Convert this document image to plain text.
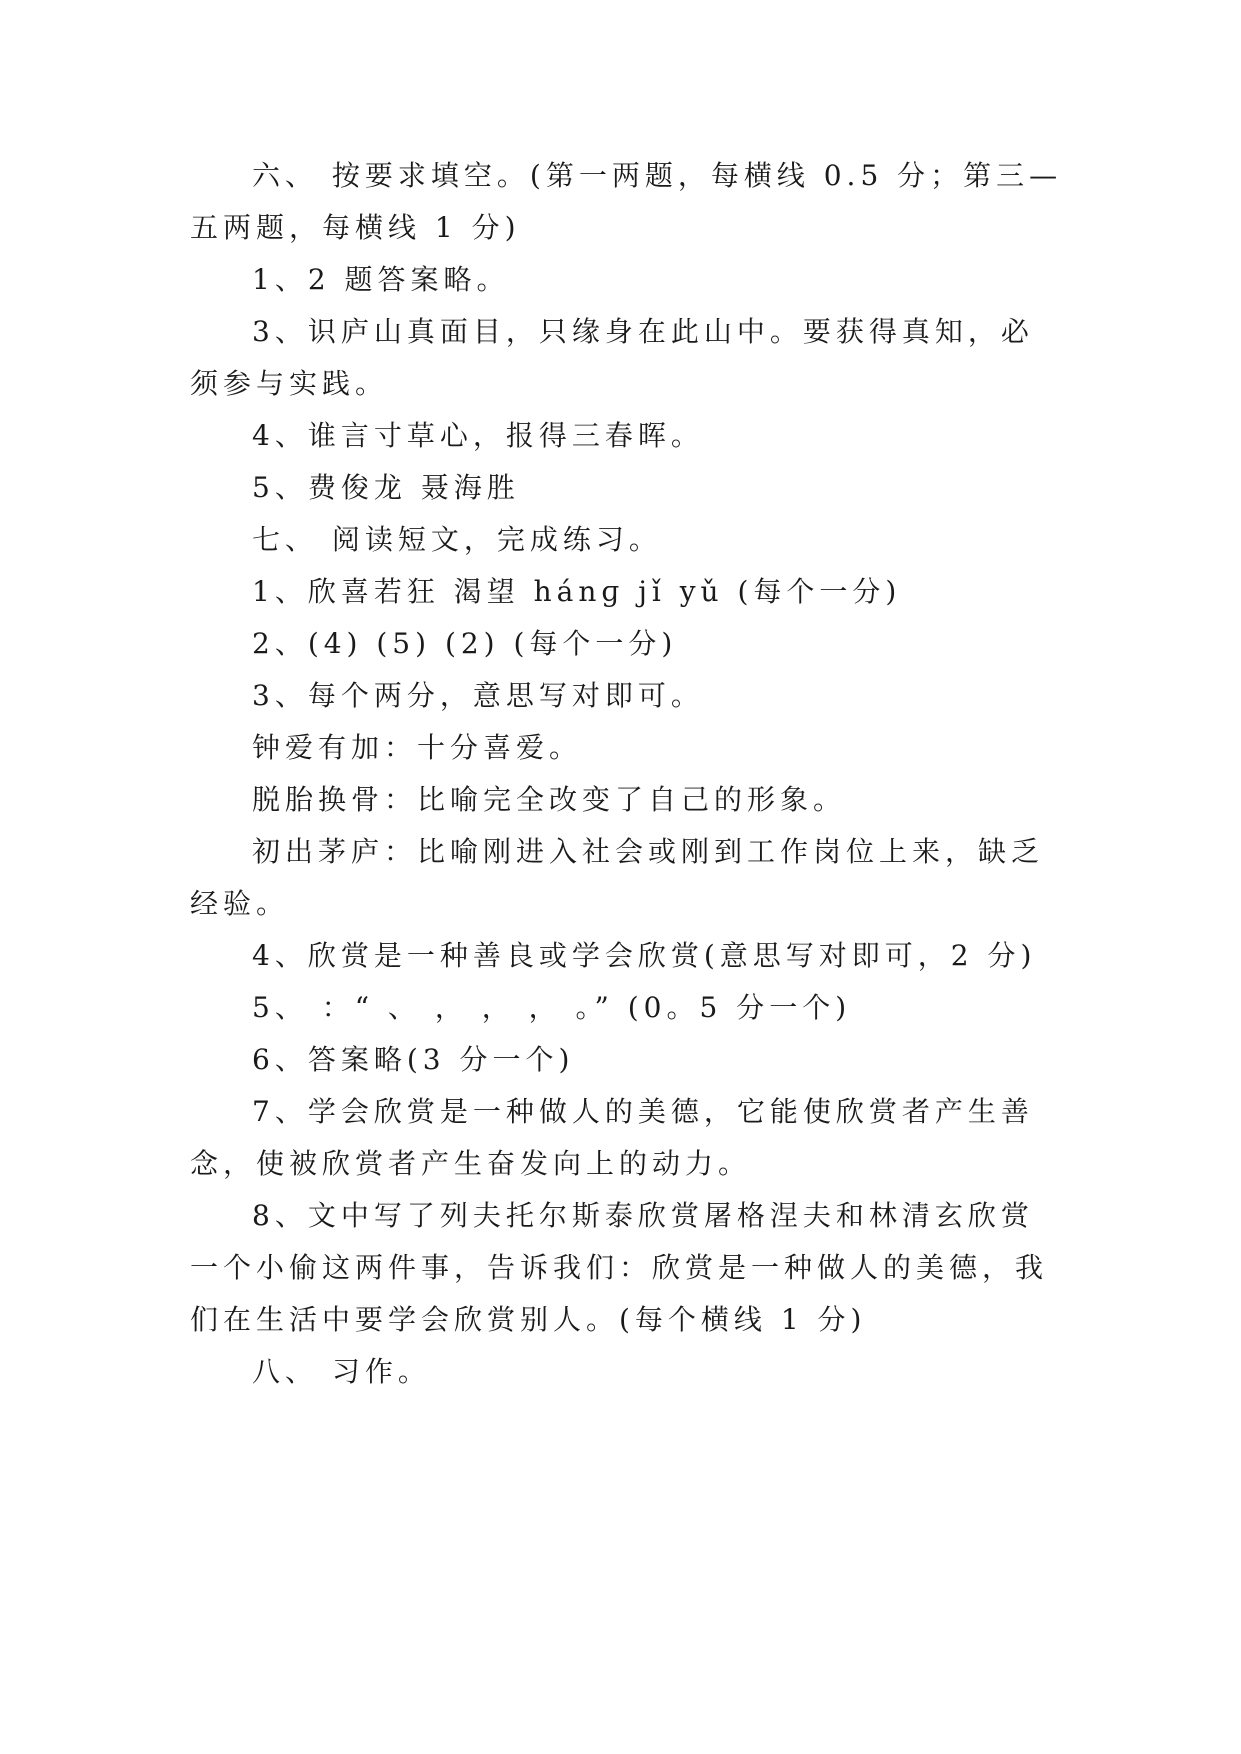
六、 按要求填空。(第一两题，每横线 0.5 分；第三—
五两题，每横线 1 分)
1、2 题答案略。
3、识庐山真面目，只缘身在此山中。要获得真知，必
须参与实践。
4、谁言寸草心，报得三春晖。
5、费俊龙 聂海胜
七、 阅读短文，完成练习。
1、欣喜若狂 渴望 hánɡ jǐ yǔ (每个一分)
2、(4) (5) (2) (每个一分)
3、每个两分，意思写对即可。
钟爱有加：十分喜爱。
脱胎换骨：比喻完全改变了自己的形象。
初出茅庐：比喻刚进入社会或刚到工作岗位上来，缺乏
经验。
4、欣赏是一种善良或学会欣赏(意思写对即可，2 分)
5、 ：“ 、 ， ， ， 。” (0。5 分一个)
6、答案略(3 分一个)
7、学会欣赏是一种做人的美德，它能使欣赏者产生善
念，使被欣赏者产生奋发向上的动力。
8、文中写了列夫托尔斯泰欣赏屠格涅夫和林清玄欣赏
一个小偷这两件事，告诉我们：欣赏是一种做人的美德，我
们在生活中要学会欣赏别人。(每个横线 1 分)
八、 习作。
